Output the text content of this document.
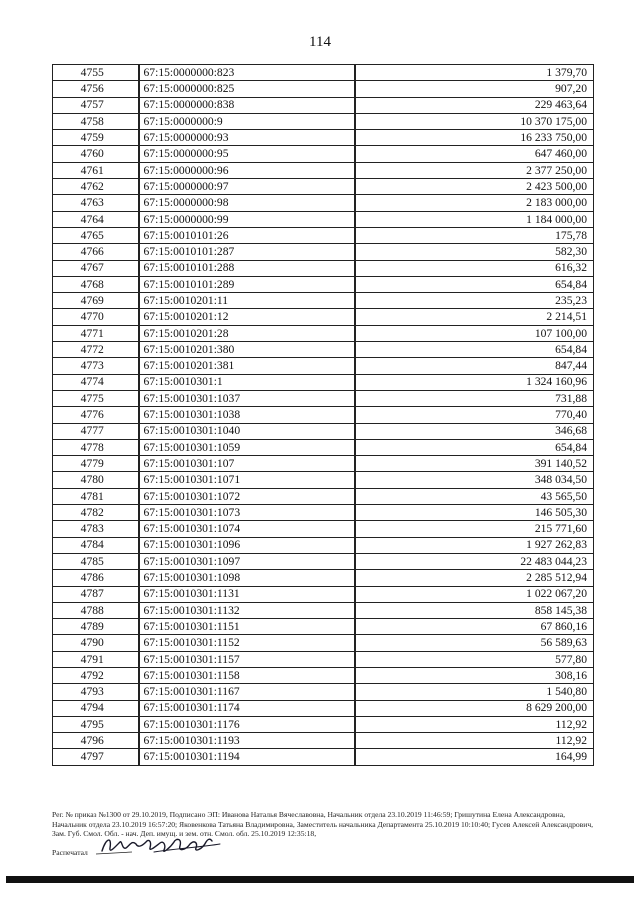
114
4755	67:15:0000000:823	1 379,70
4756	67:15:0000000:825	907,20
4757	67:15:0000000:838	229 463,64
4758	67:15:0000000:9	10 370 175,00
4759	67:15:0000000:93	16 233 750,00
4760	67:15:0000000:95	647 460,00
4761	67:15:0000000:96	2 377 250,00
4762	67:15:0000000:97	2 423 500,00
4763	67:15:0000000:98	2 183 000,00
4764	67:15:0000000:99	1 184 000,00
4765	67:15:0010101:26	175,78
4766	67:15:0010101:287	582,30
4767	67:15:0010101:288	616,32
4768	67:15:0010101:289	654,84
4769	67:15:0010201:11	235,23
4770	67:15:0010201:12	2 214,51
4771	67:15:0010201:28	107 100,00
4772	67:15:0010201:380	654,84
4773	67:15:0010201:381	847,44
4774	67:15:0010301:1	1 324 160,96
4775	67:15:0010301:1037	731,88
4776	67:15:0010301:1038	770,40
4777	67:15:0010301:1040	346,68
4778	67:15:0010301:1059	654,84
4779	67:15:0010301:107	391 140,52
4780	67:15:0010301:1071	348 034,50
4781	67:15:0010301:1072	43 565,50
4782	67:15:0010301:1073	146 505,30
4783	67:15:0010301:1074	215 771,60
4784	67:15:0010301:1096	1 927 262,83
4785	67:15:0010301:1097	22 483 044,23
4786	67:15:0010301:1098	2 285 512,94
4787	67:15:0010301:1131	1 022 067,20
4788	67:15:0010301:1132	858 145,38
4789	67:15:0010301:1151	67 860,16
4790	67:15:0010301:1152	56 589,63
4791	67:15:0010301:1157	577,80
4792	67:15:0010301:1158	308,16
4793	67:15:0010301:1167	1 540,80
4794	67:15:0010301:1174	8 629 200,00
4795	67:15:0010301:1176	112,92
4796	67:15:0010301:1193	112,92
4797	67:15:0010301:1194	164,99
Рег. № приказ №1300 от 29.10.2019, Подписано ЭП: Иванова Наталья Вячеславовна, Начальник отдела 23.10.2019 11:46:59; Гришутина Елена Александровна, Начальник отдела 23.10.2019 16:57:20; Яковенкова Татьяна Владимировна, Заместитель начальника Департамента 25.10.2019 10:10:40; Гусев Алексей Александрович, Зам. Губ. Смол. Обл. - нач. Деп. имущ. и зем. отн. Смол. обл. 25.10.2019 12:35:18,
Распечатал
